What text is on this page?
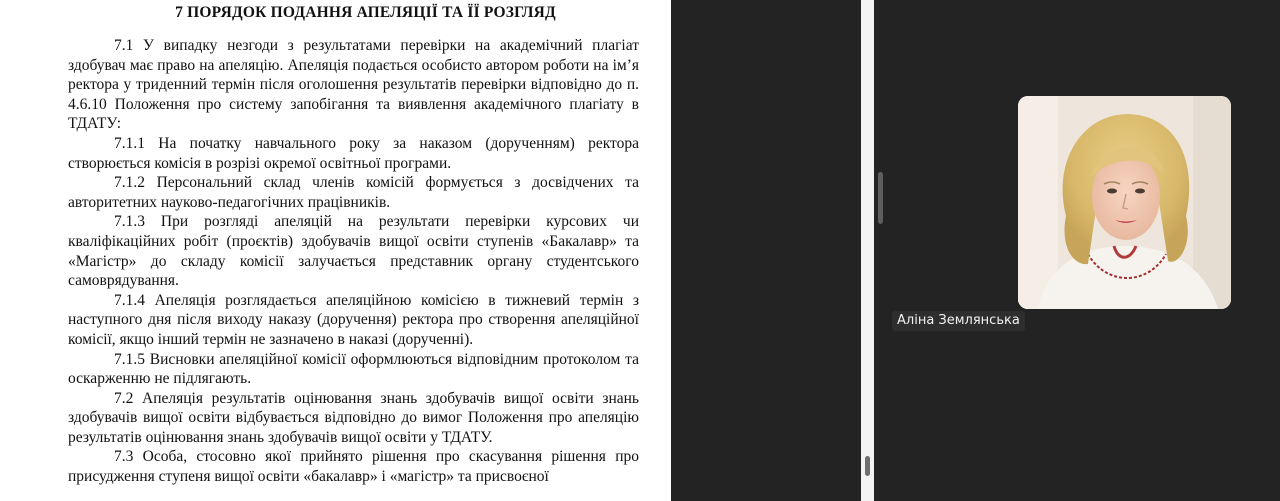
7 ПОРЯДОК ПОДАННЯ АПЕЛЯЦІЇ ТА ЇЇ РОЗГЛЯД

7.1 У випадку незгоди з результатами перевірки на академічний плагіат здобувач має право на апеляцію. Апеляція подається особисто автором роботи на ім’я ректора у триденний термін після оголошення результатів перевірки відповідно до п. 4.6.10 Положення про систему запобігання та виявлення академічного плагіату в ТДАТУ:

7.1.1 На початку навчального року за наказом (дорученням) ректора створюється комісія в розрізі окремої освітньої програми.

7.1.2 Персональний склад членів комісій формується з досвідчених та авторитетних науково-педагогічних працівників.

7.1.3 При розгляді апеляцій на результати перевірки курсових чи кваліфікаційних робіт (проєктів) здобувачів вищої освіти ступенів «Бакалавр» та «Магістр» до складу комісії залучається представник органу студентського самоврядування.

7.1.4 Апеляція розглядається апеляційною комісією в тижневий термін з наступного дня після виходу наказу (доручення) ректора про створення апеляційної комісії, якщо інший термін не зазначено в наказі (дорученні).

7.1.5 Висновки апеляційної комісії оформлюються відповідним протоколом та оскарженню не підлягають.

7.2 Апеляція результатів оцінювання знань здобувачів вищої освіти знань здобувачів вищої освіти відбувається відповідно до вимог Положення про апеляцію результатів оцінювання знань здобувачів вищої освіти у ТДАТУ.

7.3 Особа, стосовно якої прийнято рішення про скасування рішення про присудження ступеня вищої освіти «бакалавр» і «магістр» та присвоєної

Аліна Землянська
